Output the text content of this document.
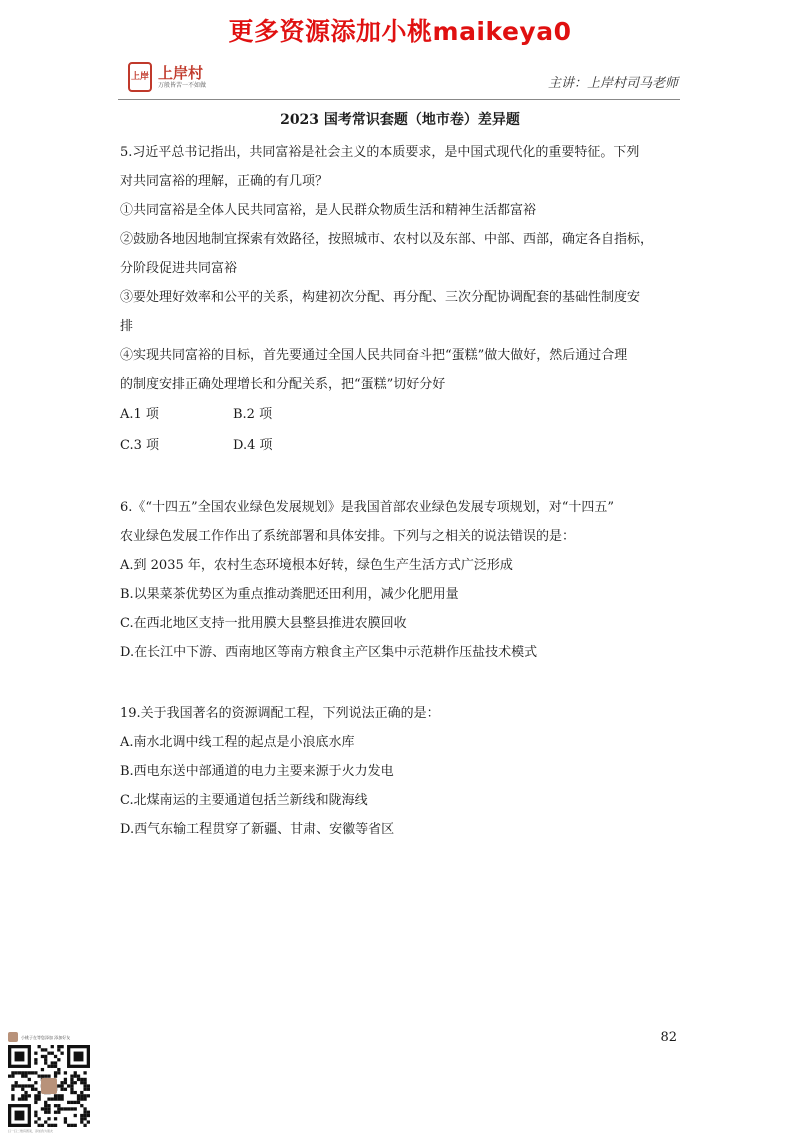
更多资源添加小桃maikeya0
上岸 上岸村
万般皆苦一不如做	主讲：上岸村司马老师
2023 国考常识套题（地市卷）差异题

5.习近平总书记指出，共同富裕是社会主义的本质要求，是中国式现代化的重要特征。下列

对共同富裕的理解，正确的有几项？

①共同富裕是全体人民共同富裕，是人民群众物质生活和精神生活都富裕

②鼓励各地因地制宜探索有效路径，按照城市、农村以及东部、中部、西部，确定各自指标，

分阶段促进共同富裕

③要处理好效率和公平的关系，构建初次分配、再分配、三次分配协调配套的基础性制度安

排

④实现共同富裕的目标，首先要通过全国人民共同奋斗把“蛋糕”做大做好，然后通过合理

的制度安排正确处理增长和分配关系，把“蛋糕”切好分好

A.1 项	B.2 项
C.3 项	D.4 项

6.《“十四五”全国农业绿色发展规划》是我国首部农业绿色发展专项规划，对“十四五”

农业绿色发展工作作出了系统部署和具体安排。下列与之相关的说法错误的是：

A.到 2035 年，农村生态环境根本好转，绿色生产生活方式广泛形成

B.以果菜茶优势区为重点推动粪肥还田利用，减少化肥用量

C.在西北地区支持一批用膜大县整县推进农膜回收

D.在长江中下游、西南地区等南方粮食主产区集中示范耕作压盐技术模式

19.关于我国著名的资源调配工程，下列说法正确的是：

A.南水北调中线工程的起点是小浪底水库

B.西电东送中部通道的电力主要来源于火力发电

C.北煤南运的主要通道包括兰新线和陇海线

D.西气东输工程贯穿了新疆、甘肃、安徽等省区

82
小桃子在等您添加 添加好友
扫一扫二维码图案，添加我为朋友
